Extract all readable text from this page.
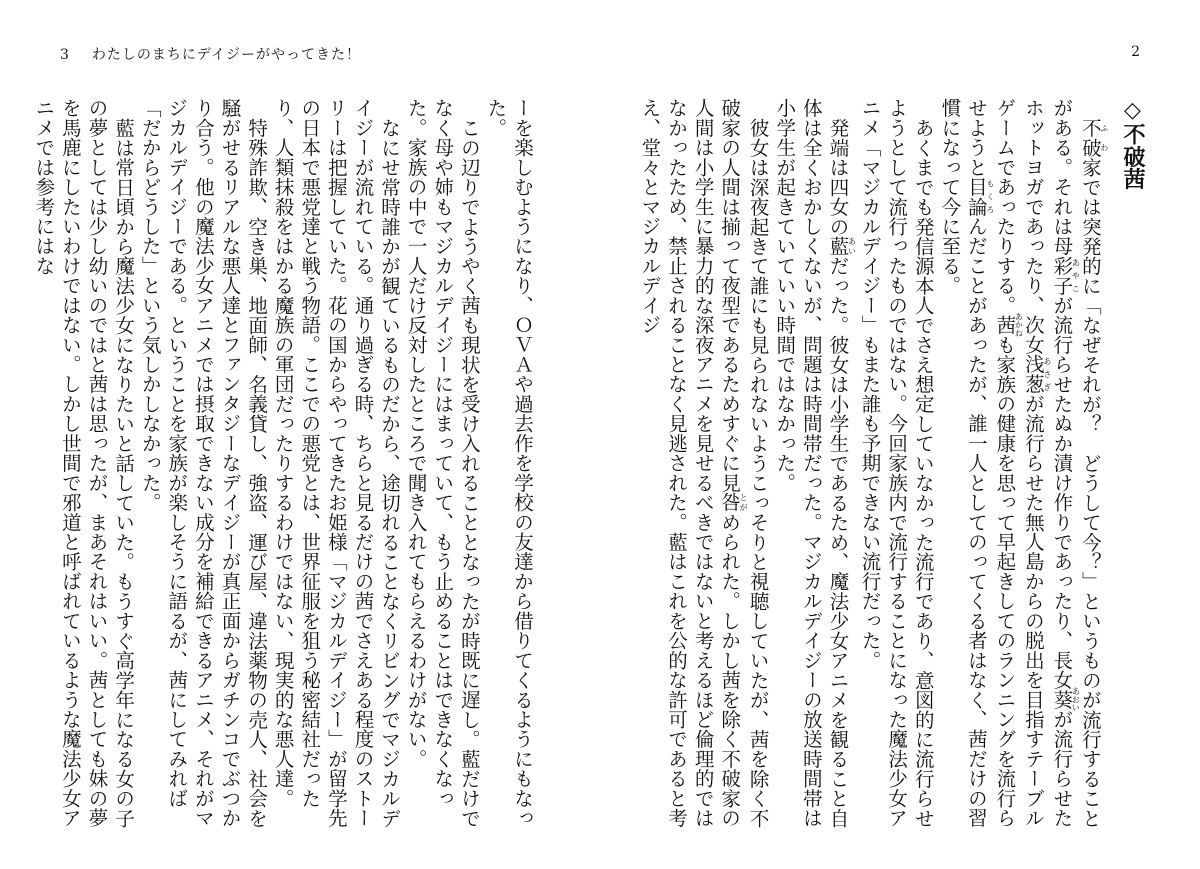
3 わたしのまちにデイジーがやってきた！

ーを楽しむようになり、ＯＶＡや過去作を学校の友達から借りてくるようにもなった。

この辺りでようやく茜も現状を受け入れることとなったが時既に遅し。藍だけでなく母や姉もマジカルデイジーにはまっていて、もう止めることはできなくなった。家族の中で一人だけ反対したところで聞き入れてもらえるわけがない。

なにせ常時誰かが観ているものだから、途切れることなくリビングでマジカルデイジーが流れている。通り過ぎる時、ちらと見るだけの茜でさえある程度のストーリーは把握していた。花の国からやってきたお姫様「マジカルデイジー」が留学先の日本で悪党達と戦う物語。ここでの悪党とは、世界征服を狙う秘密結社だったり、人類抹殺をはかる魔族の軍団だったりするわけではない、現実的な悪人達。

特殊詐欺、空き巣、地面師、名義貸し、強盗、運び屋、違法薬物の売人、社会を騒がせるリアルな悪人達とファンタジーなデイジーが真正面からガチンコでぶつかり合う。他の魔法少女アニメでは摂取できない成分を補給できるアニメ、それがマジカルデイジーである。ということを家族が楽しそうに語るが、茜にしてみれば「だからどうした」という気しかしなかった。

藍は常日頃から魔法少女になりたいと話していた。もうすぐ高学年になる女の子の夢としては少し幼いのではと茜は思ったが、まあそれはいい。茜としても妹の夢を馬鹿にしたいわけではない。しかし世間で邪道と呼ばれているような魔法少女アニメでは参考にはな

2
◇不破茜

不破ふわ家では突発的に「なぜそれが？　どうして今？」というものが流行することがある。それは母彩子あやこが流行らせたぬか漬け作りであったり、長女葵あおいが流行らせたホットヨガであったり、次女浅葱あさぎが流行らせた無人島からの脱出を目指すテーブルゲームであったりする。茜あかねも家族の健康を思って早起きしてのランニングを流行らせようと目論もくろんだことがあったが、誰一人としてのってくる者はなく、茜だけの習慣になって今に至る。

あくまでも発信源本人でさえ想定していなかった流行であり、意図的に流行らせようとして流行ったものではない。今回家族内で流行することになった魔法少女アニメ「マジカルデイジー」もまた誰も予期できない流行だった。

発端は四女の藍あいだった。彼女は小学生であるため、魔法少女アニメを観ること自体は全くおかしくないが、問題は時間帯だった。マジカルデイジーの放送時間帯は小学生が起きていていい時間ではなかった。

彼女は深夜起きて誰にも見られないようこっそりと視聴していたが、茜を除く不破家の人間は揃って夜型であるためすぐに見咎とがめられた。しかし茜を除く不破家の人間は小学生に暴力的な深夜アニメを見せるべきではないと考えるほど倫理的ではなかったため、禁止されることなく見逃された。藍はこれを公的な許可であると考え、堂々とマジカルデイジ
